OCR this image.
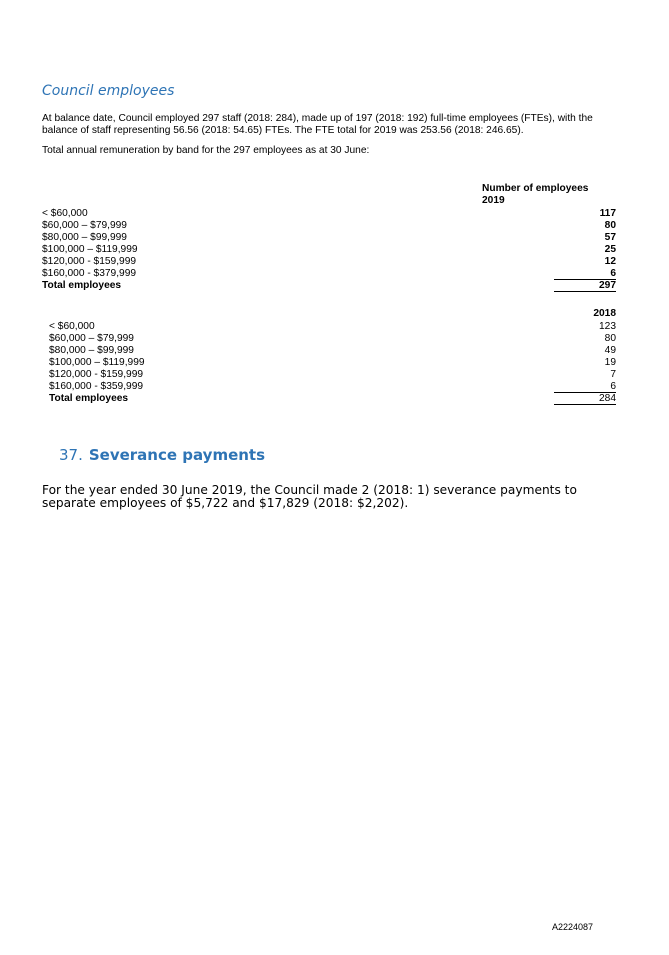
Council employees
At balance date, Council employed 297 staff (2018: 284), made up of 197 (2018: 192) full-time employees (FTEs), with the balance of staff representing 56.56 (2018: 54.65) FTEs. The FTE total for 2019 was 253.56 (2018: 246.65).
Total annual remuneration by band for the 297 employees as at 30 June:
Number of employees
2019
< $60,000	117
$60,000 – $79,999	80
$80,000 – $99,999	57
$100,000 – $119,999	25
$120,000 - $159,999	12
$160,000 - $379,999	6
Total employees	297
2018
< $60,000	123
$60,000 – $79,999	80
$80,000 – $99,999	49
$100,000 – $119,999	19
$120,000 - $159,999	7
$160,000 - $359,999	6
Total employees	284
37. Severance payments
For the year ended 30 June 2019, the Council made 2 (2018: 1) severance payments to separate employees of $5,722 and $17,829 (2018: $2,202).
A2224087
